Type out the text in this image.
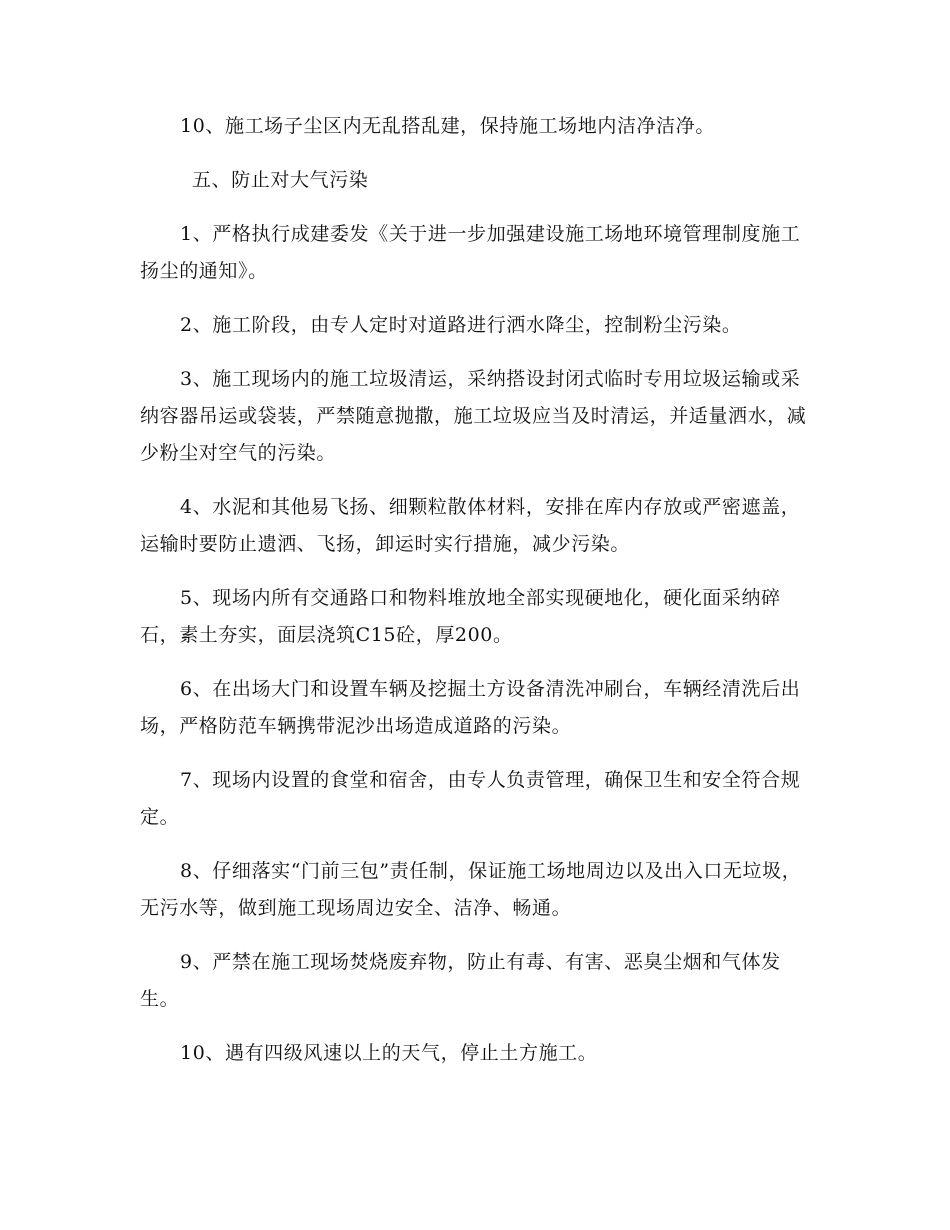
10、施工场子尘区内无乱搭乱建，保持施工场地内洁净洁净。

五、防止对大气污染

1、严格执行成建委发《关于进一步加强建设施工场地环境管理制度施工扬尘的通知》。

2、施工阶段，由专人定时对道路进行洒水降尘，控制粉尘污染。

3、施工现场内的施工垃圾清运，采纳搭设封闭式临时专用垃圾运输或采纳容器吊运或袋装，严禁随意抛撒，施工垃圾应当及时清运，并适量洒水，减少粉尘对空气的污染。

4、水泥和其他易飞扬、细颗粒散体材料，安排在库内存放或严密遮盖，运输时要防止遗洒、飞扬，卸运时实行措施，减少污染。

5、现场内所有交通路口和物料堆放地全部实现硬地化，硬化面采纳碎石，素土夯实，面层浇筑C15砼，厚200。

6、在出场大门和设置车辆及挖掘土方设备清洗冲刷台，车辆经清洗后出场，严格防范车辆携带泥沙出场造成道路的污染。

7、现场内设置的食堂和宿舍，由专人负责管理，确保卫生和安全符合规定。

8、仔细落实“门前三包”责任制，保证施工场地周边以及出入口无垃圾，无污水等，做到施工现场周边安全、洁净、畅通。

9、严禁在施工现场焚烧废弃物，防止有毒、有害、恶臭尘烟和气体发生。

10、遇有四级风速以上的天气，停止土方施工。
